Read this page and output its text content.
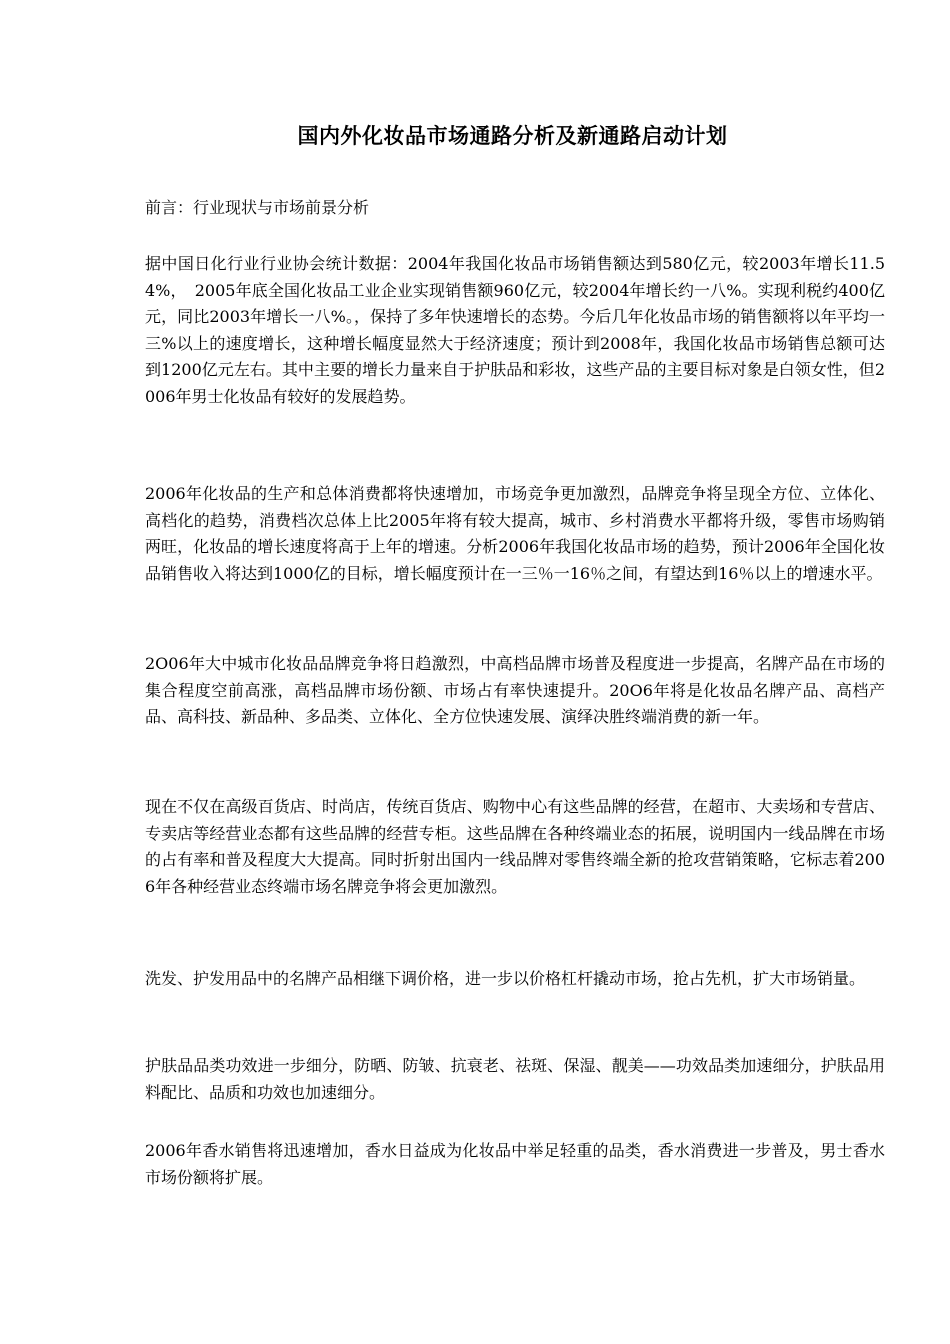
国内外化妆品市场通路分析及新通路启动计划
前言：行业现状与市场前景分析

据中国日化行业行业协会统计数据：2004年我国化妆品市场销售额达到580亿元，较2003年增长11.54%，　2005年底全国化妆品工业企业实现销售额960亿元，较2004年增长约一八%。实现利税约400亿元，同比2003年增长一八%。，保持了多年快速增长的态势。今后几年化妆品市场的销售额将以年平均一三%以上的速度增长，这种增长幅度显然大于经济速度；预计到2008年，我国化妆品市场销售总额可达到1200亿元左右。其中主要的增长力量来自于护肤品和彩妆，这些产品的主要目标对象是白领女性，但2006年男士化妆品有较好的发展趋势。

2006年化妆品的生产和总体消费都将快速增加，市场竞争更加激烈，品牌竞争将呈现全方位、立体化、高档化的趋势，消费档次总体上比2005年将有较大提高，城市、乡村消费水平都将升级，零售市场购销两旺，化妆品的增长速度将高于上年的增速。分析2006年我国化妆品市场的趋势，预计2006年全国化妆品销售收入将达到1000亿的目标，增长幅度预计在一三％一16％之间，有望达到16％以上的增速水平。

2O06年大中城市化妆品品牌竞争将日趋激烈，中高档品牌市场普及程度进一步提高，名牌产品在市场的集合程度空前高涨，高档品牌市场份额、市场占有率快速提升。20O6年将是化妆品名牌产品、高档产品、高科技、新品种、多品类、立体化、全方位快速发展、演绎决胜终端消费的新一年。

现在不仅在高级百货店、时尚店，传统百货店、购物中心有这些品牌的经营，在超市、大卖场和专营店、专卖店等经营业态都有这些品牌的经营专柜。这些品牌在各种终端业态的拓展，说明国内一线品牌在市场的占有率和普及程度大大提高。同时折射出国内一线品牌对零售终端全新的抢攻营销策略，它标志着2006年各种经营业态终端市场名牌竞争将会更加激烈。

洗发、护发用品中的名牌产品相继下调价格，进一步以价格杠杆撬动市场，抢占先机，扩大市场销量。

护肤品品类功效进一步细分，防晒、防皱、抗衰老、祛斑、保湿、靓美——功效品类加速细分，护肤品用料配比、品质和功效也加速细分。

2006年香水销售将迅速增加，香水日益成为化妆品中举足轻重的品类，香水消费进一步普及，男士香水市场份额将扩展。
